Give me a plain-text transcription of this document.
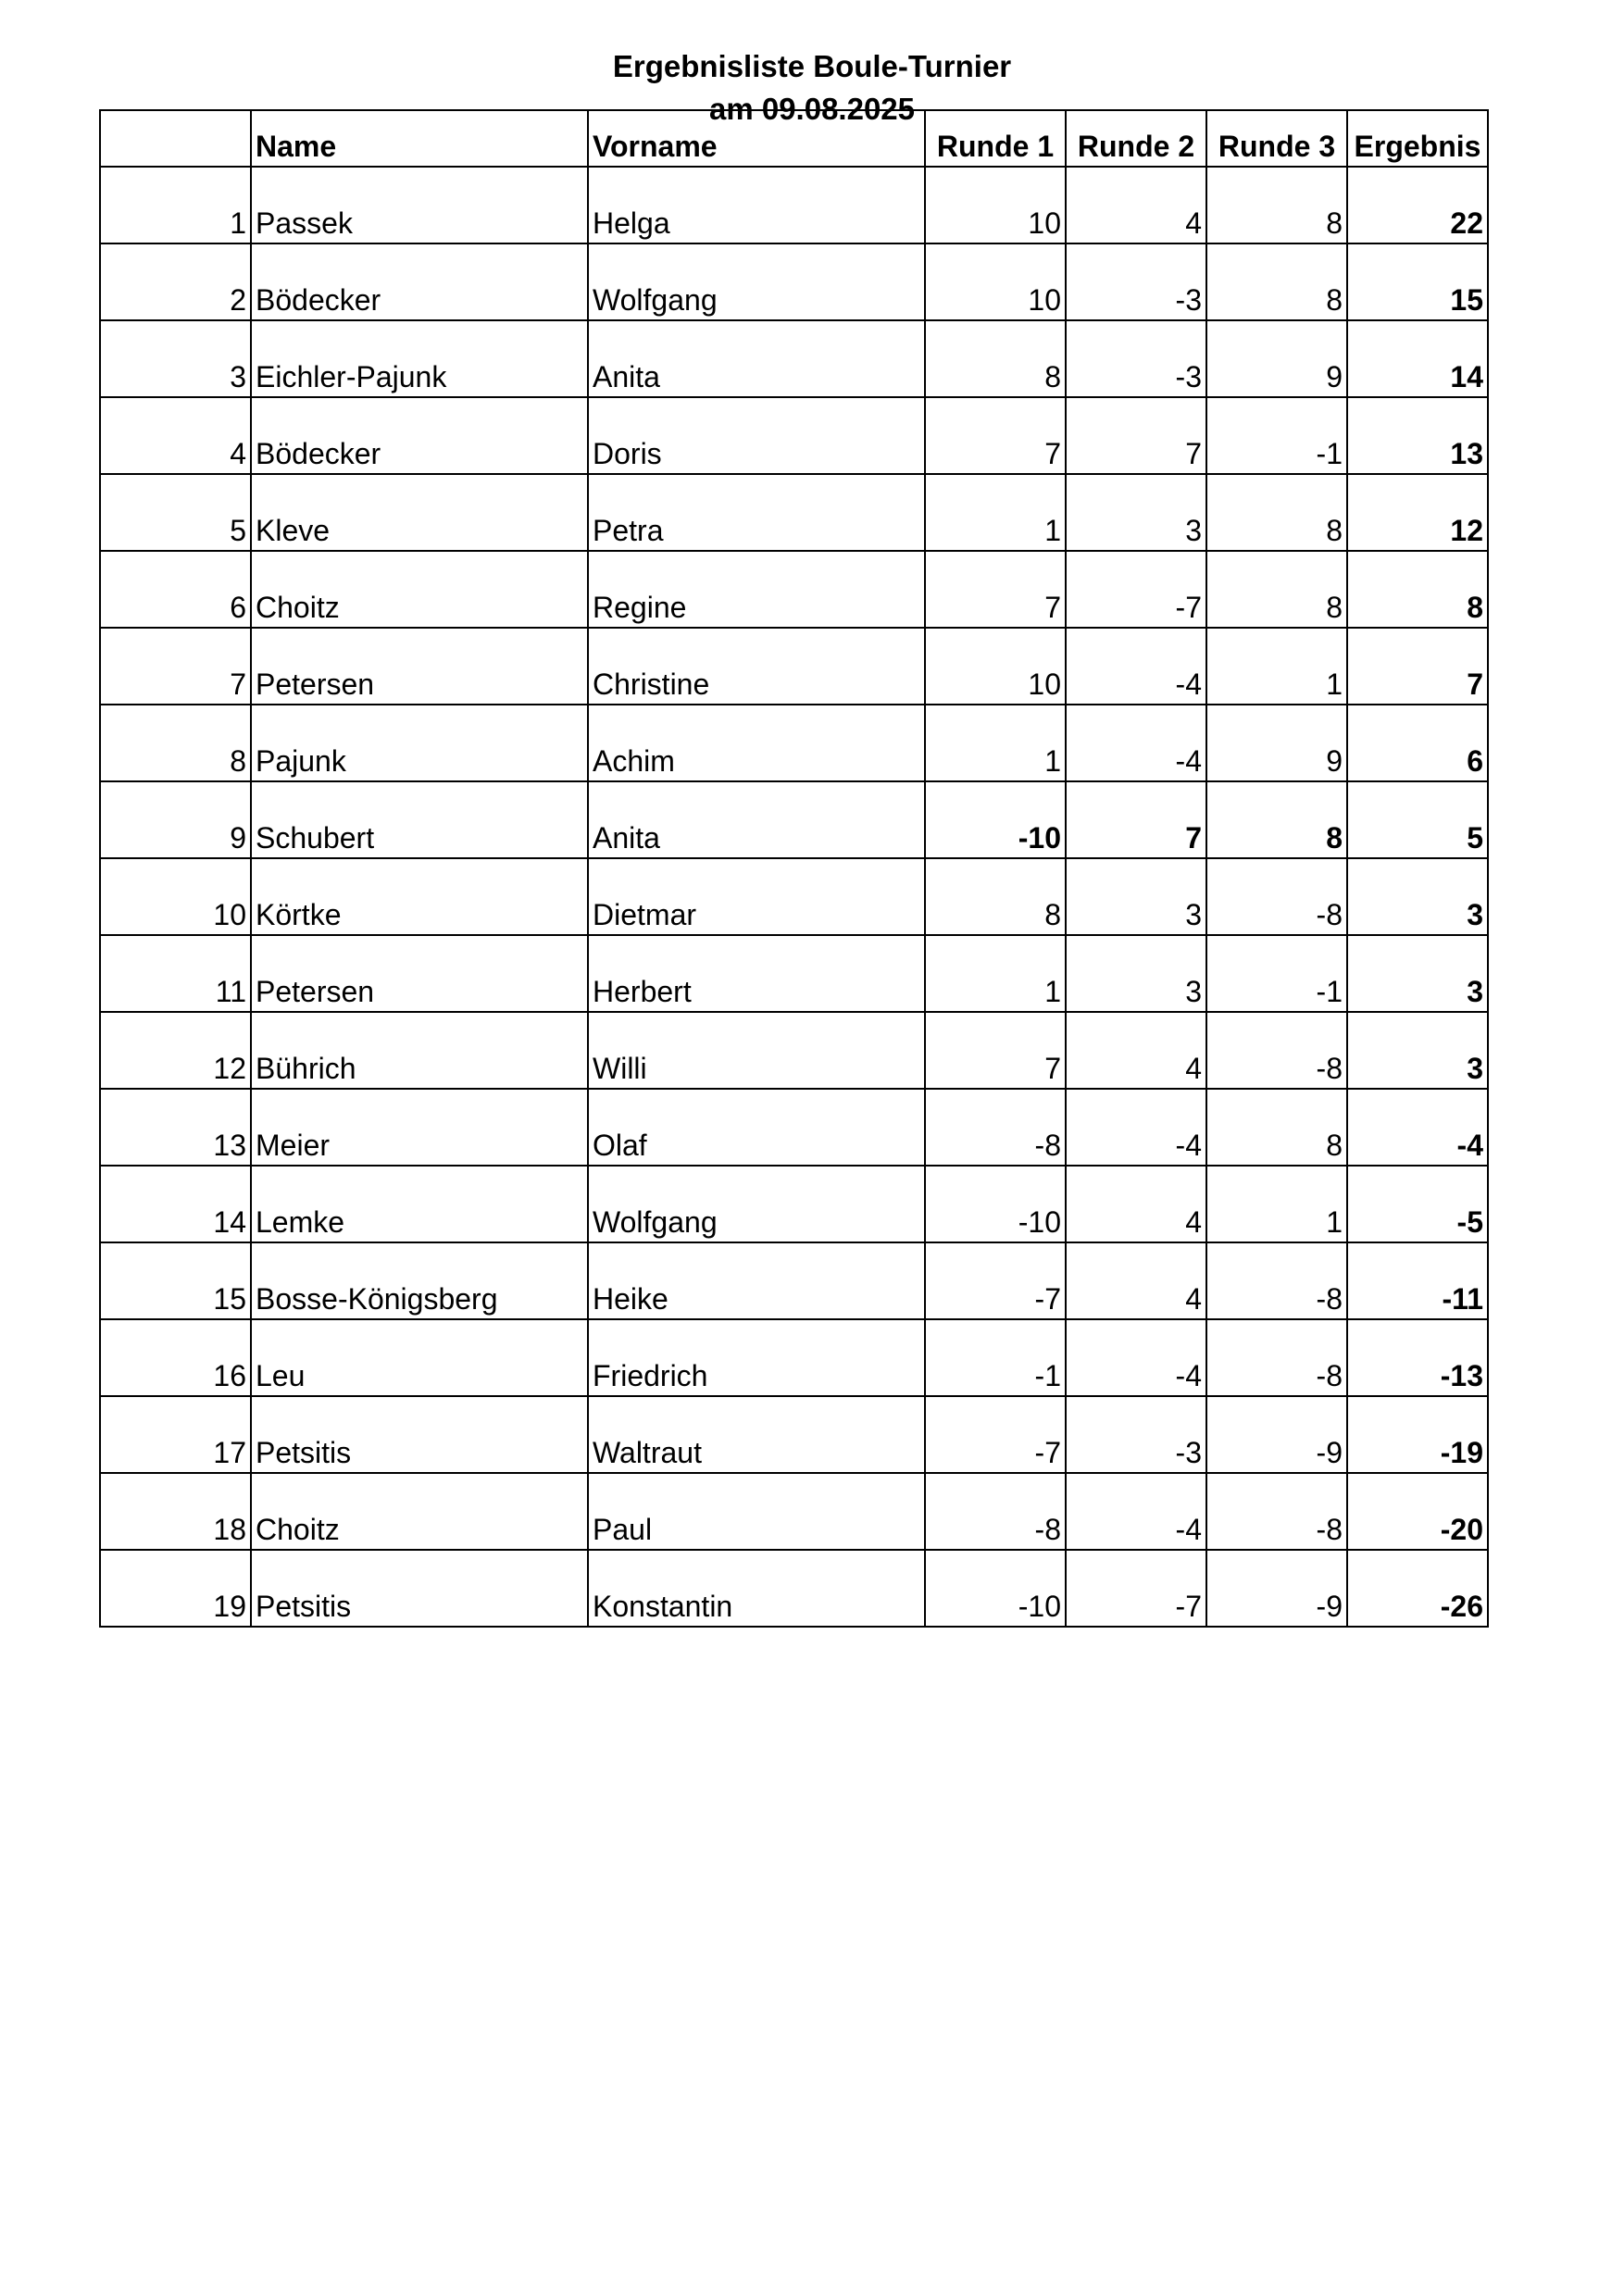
Ergebnisliste Boule-Turnier
am 09.08.2025
	Name	Vorname	Runde 1	Runde 2	Runde 3	Ergebnis
1	Passek	Helga	10	4	8	22
2	Bödecker	Wolfgang	10	-3	8	15
3	Eichler-Pajunk	Anita	8	-3	9	14
4	Bödecker	Doris	7	7	-1	13
5	Kleve	Petra	1	3	8	12
6	Choitz	Regine	7	-7	8	8
7	Petersen	Christine	10	-4	1	7
8	Pajunk	Achim	1	-4	9	6
9	Schubert	Anita	-10	7	8	5
10	Körtke	Dietmar	8	3	-8	3
11	Petersen	Herbert	1	3	-1	3
12	Bührich	Willi	7	4	-8	3
13	Meier	Olaf	-8	-4	8	-4
14	Lemke	Wolfgang	-10	4	1	-5
15	Bosse-Königsberg	Heike	-7	4	-8	-11
16	Leu	Friedrich	-1	-4	-8	-13
17	Petsitis	Waltraut	-7	-3	-9	-19
18	Choitz	Paul	-8	-4	-8	-20
19	Petsitis	Konstantin	-10	-7	-9	-26
